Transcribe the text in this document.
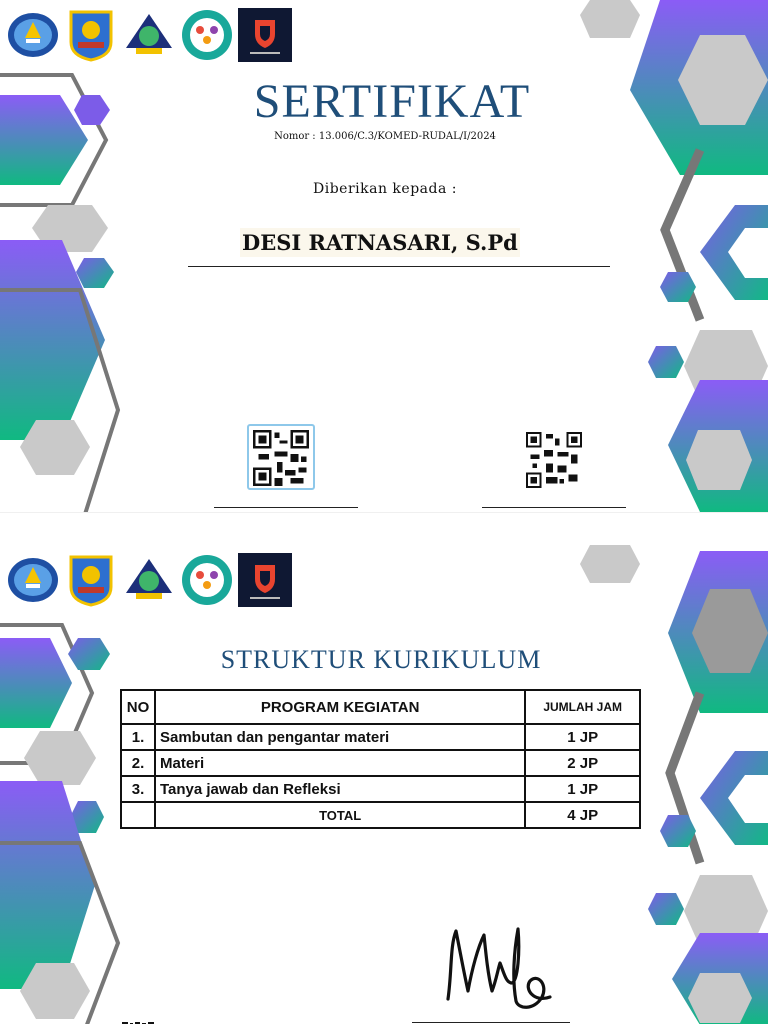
SERTIFIKAT
Nomor : 13.006/C.3/KOMED-RUDAL/I/2024
Diberikan kepada :
DESI RATNASARI, S.Pd
STRUKTUR KURIKULUM
NO	PROGRAM KEGIATAN	JUMLAH JAM
1.	Sambutan dan pengantar materi	1 JP
2.	Materi	2 JP
3.	Tanya jawab dan Refleksi	1 JP
	TOTAL	4 JP
